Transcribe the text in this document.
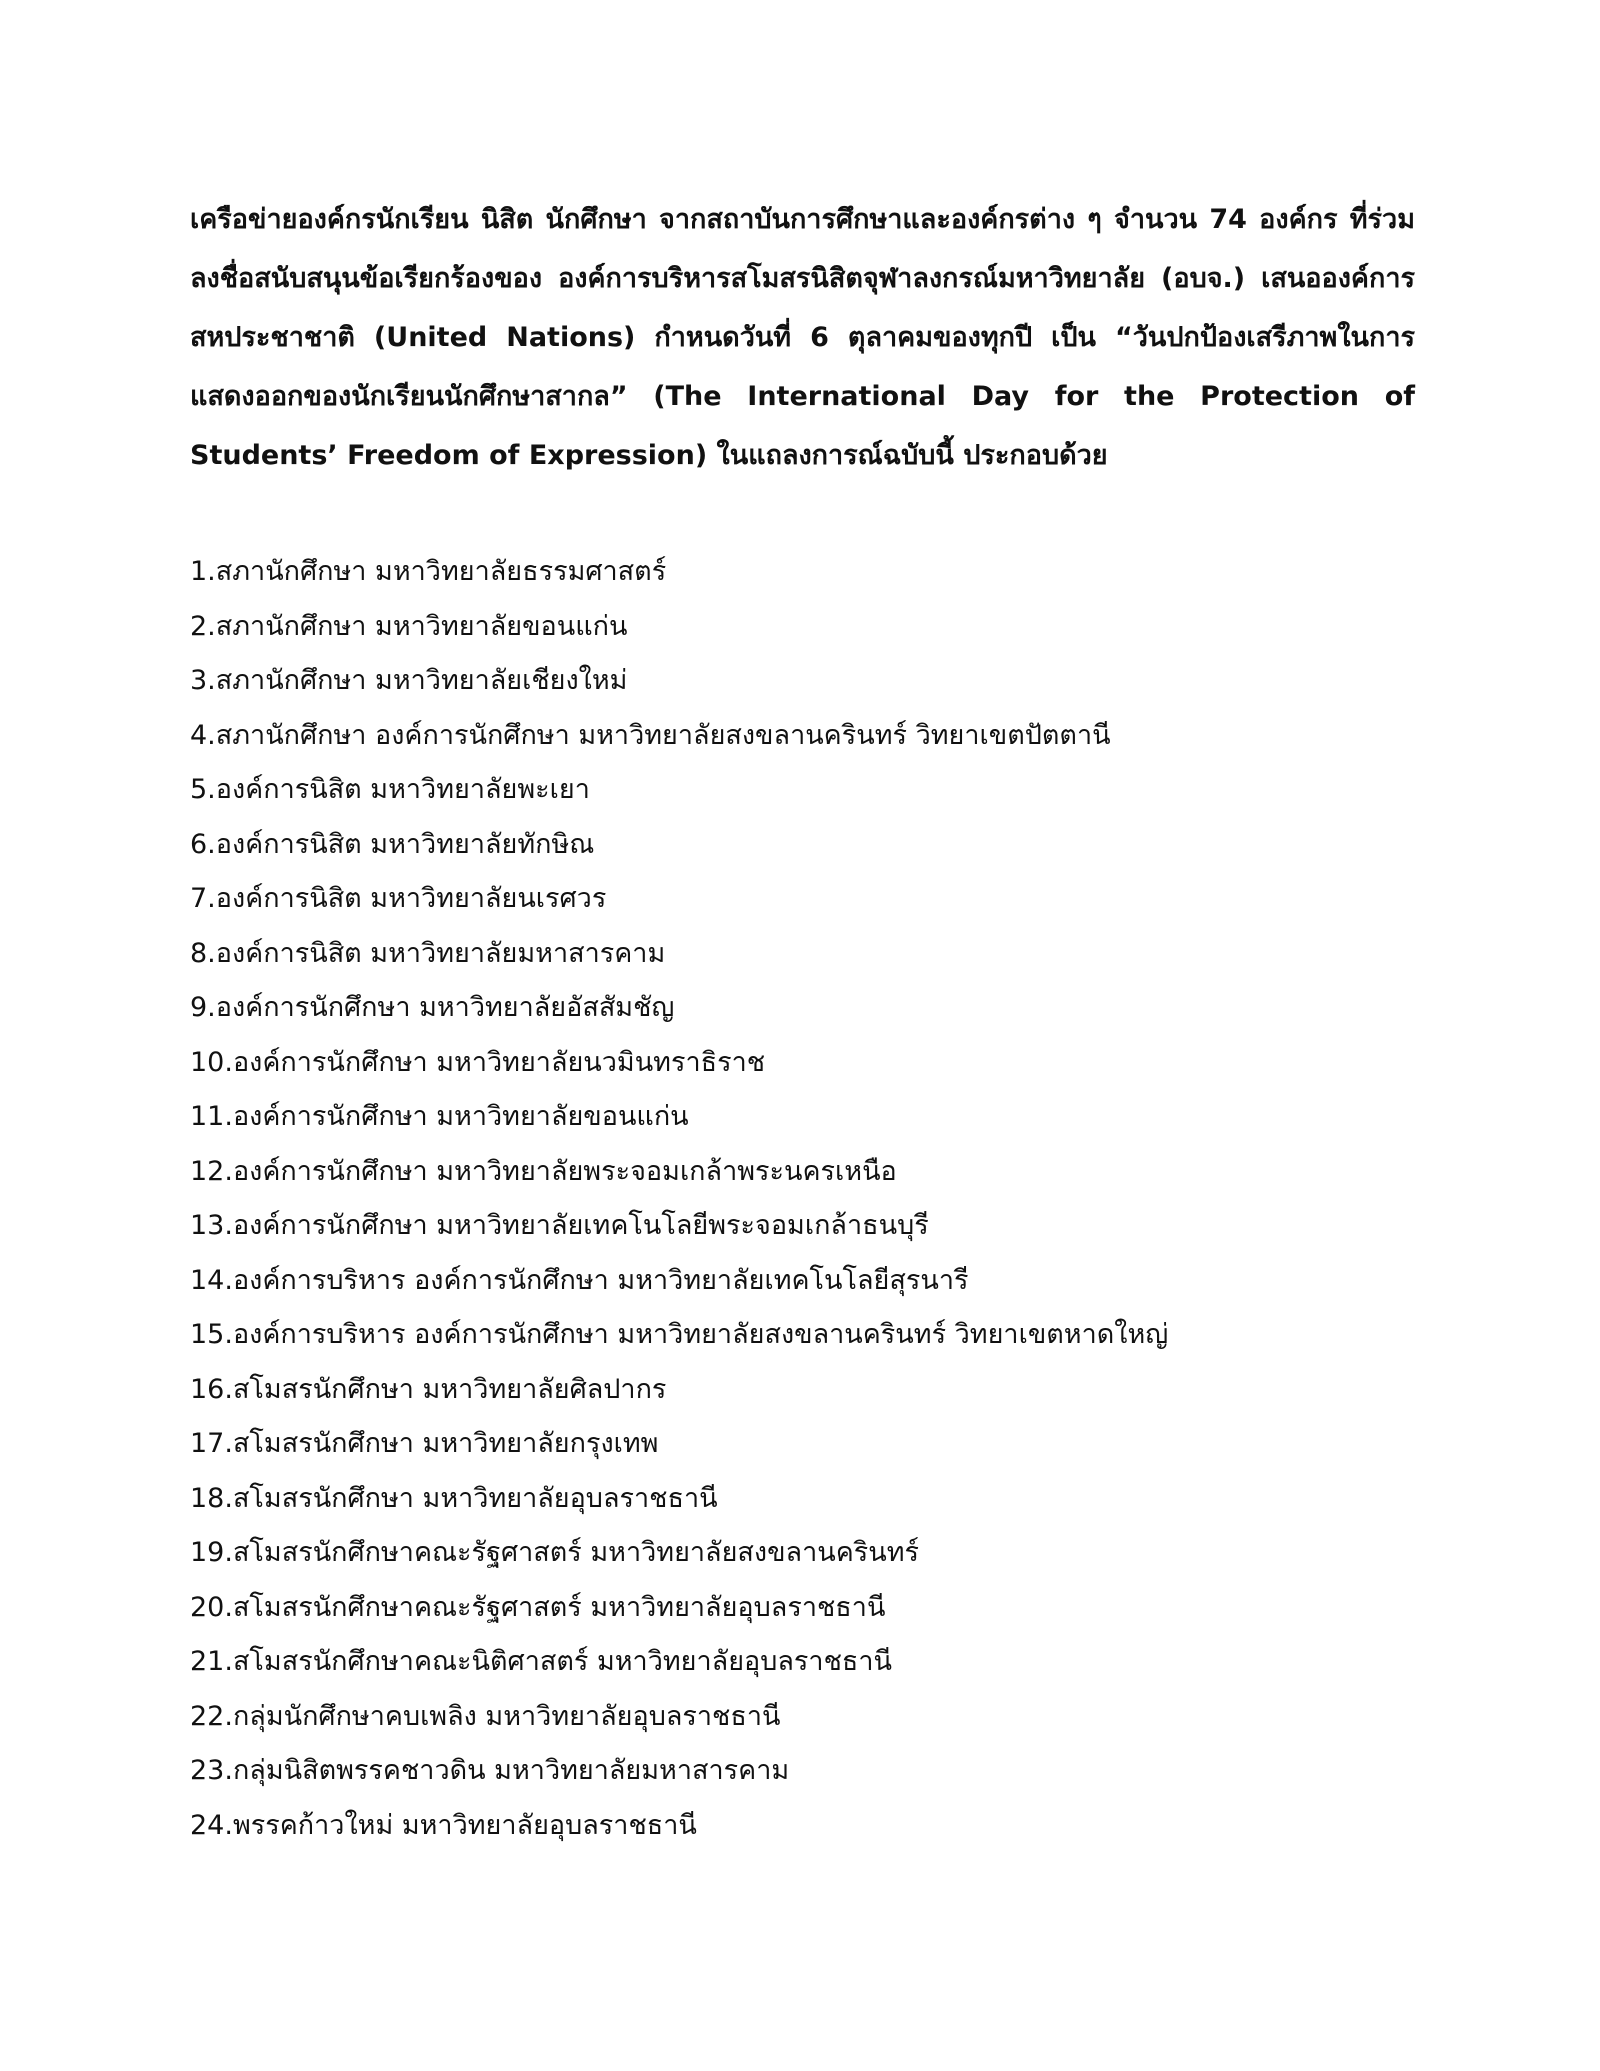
เครือข่ายองค์กรนักเรียน นิสิต นักศึกษา จากสถาบันการศึกษาและองค์กรต่าง ๆ จำนวน 74 องค์กร ที่ร่วมลงชื่อสนับสนุนข้อเรียกร้องของ องค์การบริหารสโมสรนิสิตจุฬาลงกรณ์มหาวิทยาลัย (อบจ.) เสนอองค์การสหประชาชาติ (United Nations) กำหนดวันที่ 6 ตุลาคมของทุกปี เป็น “วันปกป้องเสรีภาพในการแสดงออกของนักเรียนนักศึกษาสากล” (The International Day for the Protection of Students’ Freedom of Expression) ในแถลงการณ์ฉบับนี้ ประกอบด้วย

1.สภานักศึกษา มหาวิทยาลัยธรรมศาสตร์
2.สภานักศึกษา มหาวิทยาลัยขอนแก่น
3.สภานักศึกษา มหาวิทยาลัยเชียงใหม่
4.สภานักศึกษา องค์การนักศึกษา มหาวิทยาลัยสงขลานครินทร์ วิทยาเขตปัตตานี
5.องค์การนิสิต มหาวิทยาลัยพะเยา
6.องค์การนิสิต มหาวิทยาลัยทักษิณ
7.องค์การนิสิต มหาวิทยาลัยนเรศวร
8.องค์การนิสิต มหาวิทยาลัยมหาสารคาม
9.องค์การนักศึกษา มหาวิทยาลัยอัสสัมชัญ
10.องค์การนักศึกษา มหาวิทยาลัยนวมินทราธิราช
11.องค์การนักศึกษา มหาวิทยาลัยขอนแก่น
12.องค์การนักศึกษา มหาวิทยาลัยพระจอมเกล้าพระนครเหนือ
13.องค์การนักศึกษา มหาวิทยาลัยเทคโนโลยีพระจอมเกล้าธนบุรี
14.องค์การบริหาร องค์การนักศึกษา มหาวิทยาลัยเทคโนโลยีสุรนารี
15.องค์การบริหาร องค์การนักศึกษา มหาวิทยาลัยสงขลานครินทร์ วิทยาเขตหาดใหญ่
16.สโมสรนักศึกษา มหาวิทยาลัยศิลปากร
17.สโมสรนักศึกษา มหาวิทยาลัยกรุงเทพ
18.สโมสรนักศึกษา มหาวิทยาลัยอุบลราชธานี
19.สโมสรนักศึกษาคณะรัฐศาสตร์ มหาวิทยาลัยสงขลานครินทร์
20.สโมสรนักศึกษาคณะรัฐศาสตร์ มหาวิทยาลัยอุบลราชธานี
21.สโมสรนักศึกษาคณะนิติศาสตร์ มหาวิทยาลัยอุบลราชธานี
22.กลุ่มนักศึกษาคบเพลิง มหาวิทยาลัยอุบลราชธานี
23.กลุ่มนิสิตพรรคชาวดิน มหาวิทยาลัยมหาสารคาม
24.พรรคก้าวใหม่ มหาวิทยาลัยอุบลราชธานี
